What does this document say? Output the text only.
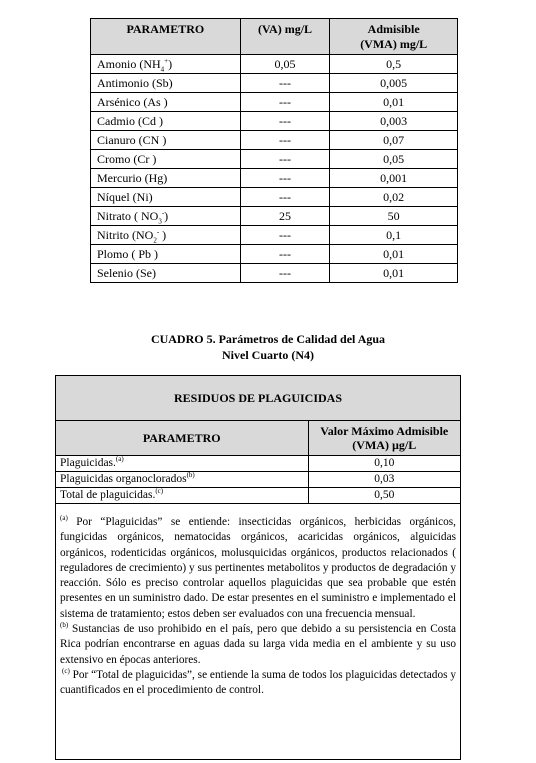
PARAMETRO	(VA) mg/L	Admisible
(VMA) mg/L
Amonio $(NH_4^+)$	0,05	0,5
Antimonio (Sb)	---	0,005
Arsénico (As )	---	0,01
Cadmio (Cd )	---	0,003
Cianuro (CN )	---	0,07
Cromo (Cr )	---	0,05
Mercurio (Hg)	---	0,001
Níquel (Ni)	---	0,02
Nitrato ( $NO_3^-$)	25	50
Nitrito ($NO_2^-$ )	---	0,1
Plomo ( Pb )	---	0,01
Selenio (Se)	---	0,01
CUADRO 5. Parámetros de Calidad del Agua
Nivel Cuarto (N4)
RESIDUOS DE PLAGUICIDAS
PARAMETRO	Valor Máximo Admisible
(VMA) µg/L
Plaguicidas.$^{(a)}$	0,10
Plaguicidas organoclorados$^{(b)}$	0,03
Total de plaguicidas.$^{(c)}$	0,50

$^{(a)}$ Por “Plaguicidas” se entiende: insecticidas orgánicos, herbicidas orgánicos, fungicidas orgánicos, nematocidas orgánicos, acaricidas orgánicos, alguicidas orgánicos, rodenticidas orgánicos, molusquicidas orgánicos, productos relacionados ( reguladores de crecimiento) y sus pertinentes metabolitos y productos de degradación y reacción. Sólo es preciso controlar aquellos plaguicidas que sea probable que estén presentes en un suministro dado. De estar presentes en el suministro e implementado el sistema de tratamiento; estos deben ser evaluados con una frecuencia mensual.

$^{(b)}$ Sustancias de uso prohibido en el país, pero que debido a su persistencia en Costa Rica podrían encontrarse en aguas dada su larga vida media en el ambiente y su uso extensivo en épocas anteriores.

$^{(c)}$ Por “Total de plaguicidas”, se entiende la suma de todos los plaguicidas detectados y cuantificados en el procedimiento de control.
